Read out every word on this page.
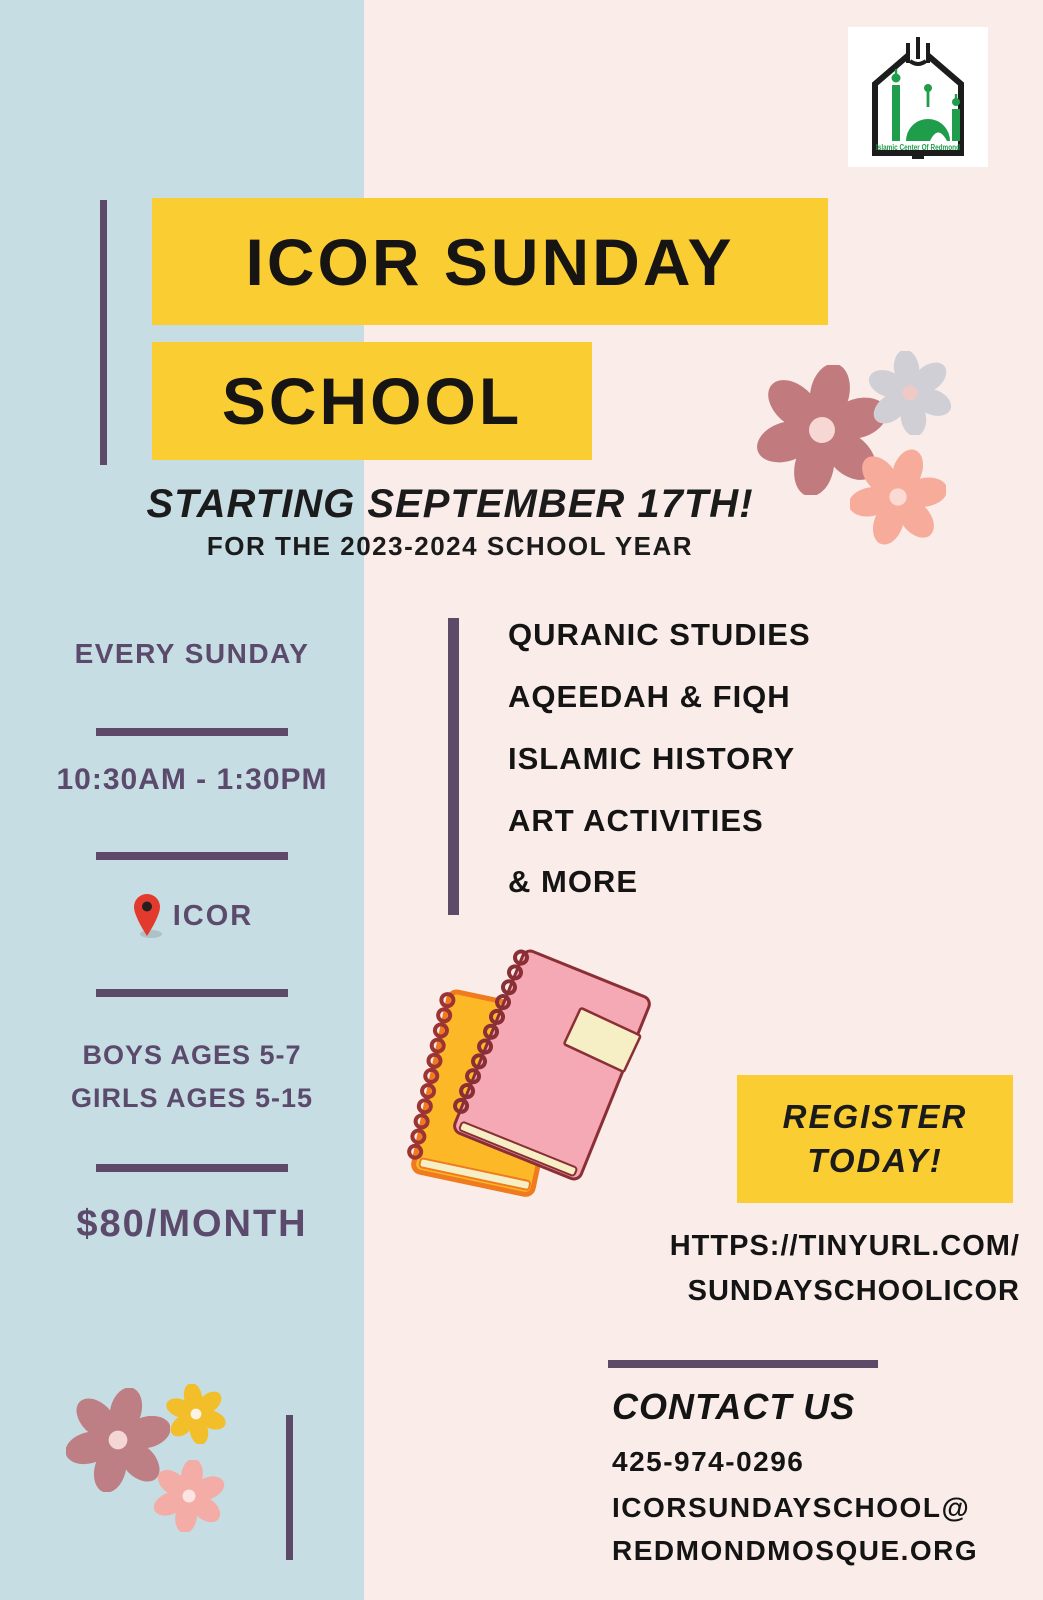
Islamic Center Of Redmond
ICOR SUNDAY
SCHOOL
STARTING SEPTEMBER 17TH!
FOR THE 2023-2024 SCHOOL YEAR
EVERY SUNDAY
10:30AM - 1:30PM
ICOR
BOYS AGES 5-7
GIRLS AGES 5-15
$80/MONTH
QURANIC STUDIES
AQEEDAH & FIQH
ISLAMIC HISTORY
ART ACTIVITIES
& MORE
REGISTER
TODAY!
HTTPS://TINYURL.COM/
SUNDAYSCHOOLICOR
CONTACT US
425-974-0296
ICORSUNDAYSCHOOL@
REDMONDMOSQUE.ORG
